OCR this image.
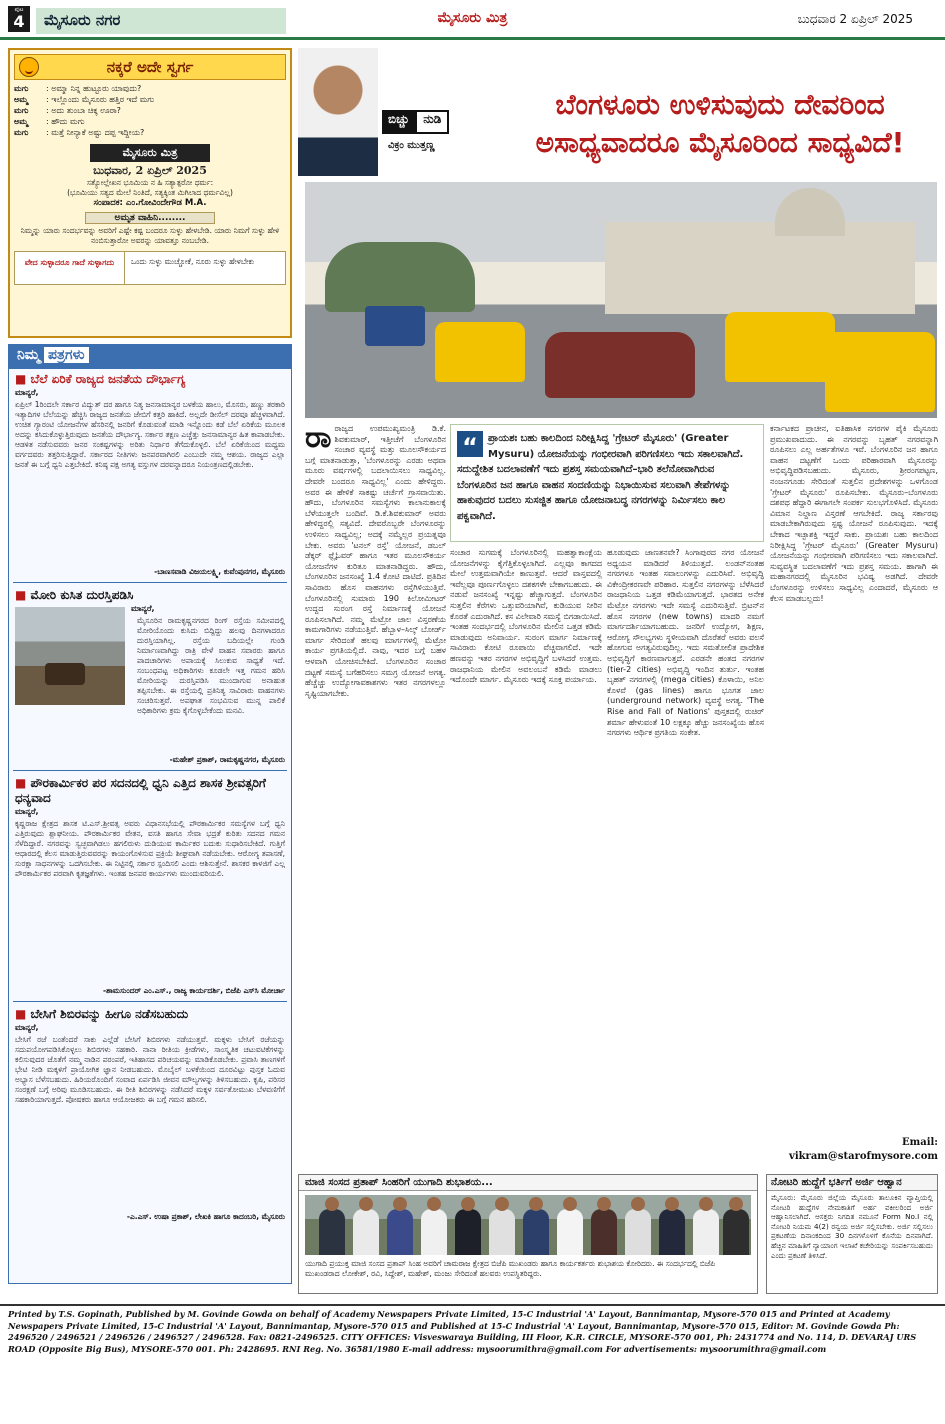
ಪುಟ
4	ಮೈಸೂರು ನಗರ	ಮೈಸೂರು ಮಿತ್ರ	ಬುಧವಾರ 2 ಏಪ್ರಿಲ್ 2025
ನಕ್ಕರೆ ಅದೇ ಸ್ವರ್ಗ
ಮಗು	: ಅಮ್ಮಾ ನಿನ್ನ ಹುಟ್ಟೂರು ಯಾವುದು?
ಅಮ್ಮ	: ಇಲ್ಲೊಂದು ಮೈಸೂರು ಹತ್ತಿರ ಇದೆ ಮಗು
ಮಗು	: ಅದು ತುಂಬಾ ಚಿಕ್ಕ ಊರಾ?
ಅಮ್ಮ	: ಹೌದು ಮಗು
ಮಗು	: ಮತ್ತೆ ನೀನ್ಯಾಕೆ ಅಷ್ಟು ದಪ್ಪ ಇದ್ದೀಯ?
ಮೈಸೂರು ಮಿತ್ರ
ಬುಧವಾರ, 2 ಏಪ್ರಿಲ್ 2025
ಸತ್ಯೋಲ್ಲೇಖನ ಭೂಮಿಯ ನ ಹಿ ಸತ್ಯಾತ್ಪರೋ ಧರ್ಮ:
(ಭೂಮಿಯು ಸತ್ಯದ ಮೇಲೆ ನಿಂತಿದೆ, ಸತ್ಯಕ್ಕಿಂತ ಮಿಗಿಲಾದ ಧರ್ಮವಿಲ್ಲ)
ಸಂಪಾದಕ: ಎಂ.ಗೋವಿಂದೇಗೌಡ M.A.
ಅಮೃತ ವಾಹಿನಿ........
ನಿಮ್ಮನ್ನು ಯಾರು ಸಂದರ್ಭವನ್ನು ಅವರಿಗೆ ಎಷ್ಟೇ ಕಷ್ಟ ಬಂದರೂ ಸುಳ್ಳು ಹೇಳಬೇಡಿ. ಯಾರು ನಿಮಗೆ ಸುಳ್ಳು ಹೇಳಿ ನಂಬಿಸುತ್ತಾರೋ ಅವರನ್ನು ಯಾವತ್ತೂ ನಂಬಬೇಡಿ.
ವೇದ ಸುಳ್ಳಾದರೂ ಗಾದೆ ಸುಳ್ಳಾಗದು	ಒಂದು ಸುಳ್ಳು ಮುಚ್ಚೋಕೆ, ನೂರು ಸುಳ್ಳು ಹೇಳಬೇಕು
ನಿಮ್ಮ ಪತ್ರಗಳು
■ ಬೆಲೆ ಏರಿಕೆ ರಾಜ್ಯದ ಜನತೆಯ ದೌರ್ಭಾಗ್ಯ
ಮಾನ್ಯರೆ,
ಏಪ್ರಿಲ್ 1ರಿಂದಲೇ ಸರ್ಕಾರ ವಿದ್ಯುತ್ ದರ ಹಾಗೂ ನಿತ್ಯ ಜನಸಾಮಾನ್ಯರ ಬಳಕೆಯ ಹಾಲು, ಮೊಸರು, ಹಣ್ಣು ತರಕಾರಿ ಇತ್ಯಾದಿಗಳ ಬೆಲೆಯನ್ನು ಹೆಚ್ಚಿಸಿ ರಾಜ್ಯದ ಜನತೆಯ ಜೇಬಿಗೆ ಕತ್ತರಿ ಹಾಕಿದೆ. ಅಲ್ಲದೇ ಡೀಸೆಲ್ ದರವೂ ಹೆಚ್ಚಳವಾಗಿದೆ. ಉಚಿತ ಗ್ಯಾರಂಟಿ ಯೋಜನೆಗಳ ಹೆಸರಿನಲ್ಲಿ ಜನರಿಗೆ ಕೊಡುವಂತೆ ಮಾಡಿ ಇನ್ನೊಂದು ಕಡೆ ಬೆಲೆ ಏರಿಕೆಯ ಮೂಲಕ ಅದನ್ನು ಕಸಿದುಕೊಳ್ಳುತ್ತಿರುವುದು ಜನತೆಯ ದೌರ್ಭಾಗ್ಯ. ಸರ್ಕಾರ ತಕ್ಷಣ ಎಚ್ಚೆತ್ತು ಜನಸಾಮಾನ್ಯರ ಹಿತ ಕಾಪಾಡಬೇಕು. ಆಡಳಿತ ನಡೆಸುವವರು ಜನರ ಸಂಕಷ್ಟಗಳನ್ನು ಅರಿತು ನಿರ್ಧಾರ ತೆಗೆದುಕೊಳ್ಳಲಿ. ಬೆಲೆ ಏರಿಕೆಯಿಂದ ಮಧ್ಯಮ ವರ್ಗದವರು ತತ್ತರಿಸುತ್ತಿದ್ದಾರೆ. ಸರ್ಕಾರದ ನೀತಿಗಳು ಜನಪರವಾಗಿರಲಿ ಎಂಬುದೇ ನಮ್ಮ ಆಶಯ. ರಾಜ್ಯದ ಎಲ್ಲಾ ಜನತೆ ಈ ಬಗ್ಗೆ ಧ್ವನಿ ಎತ್ತಬೇಕಿದೆ. ಕನಿಷ್ಠ ಪಕ್ಷ ಅಗತ್ಯ ವಸ್ತುಗಳ ದರವನ್ನಾದರೂ ನಿಯಂತ್ರಣದಲ್ಲಿಡಬೇಕು.
-ಬಾಣಸವಾಡಿ ವಿಜಯಲಕ್ಷ್ಮಿ, ಕುವೆಂಪುನಗರ, ಮೈಸೂರು
■ ಮೋರಿ ಕುಸಿತ ದುರಸ್ತಿಪಡಿಸಿ
ಮಾನ್ಯರೆ,
ಮೈಸೂರಿನ ರಾಮಕೃಷ್ಣನಗರದ ರಿಂಗ್ ರಸ್ತೆಯ ಸಮೀಪದಲ್ಲಿ ಮೋರಿಯೊಂದು ಕುಸಿದು ಬಿದ್ದಿದ್ದು ಹಲವು ದಿನಗಳಾದರೂ ದುರಸ್ತಿಯಾಗಿಲ್ಲ. ರಸ್ತೆಯ ಬದಿಯಲ್ಲೇ ಗುಂಡಿ ನಿರ್ಮಾಣವಾಗಿದ್ದು ರಾತ್ರಿ ವೇಳೆ ವಾಹನ ಸವಾರರು ಹಾಗೂ ಪಾದಚಾರಿಗಳು ಅಪಾಯಕ್ಕೆ ಸಿಲುಕುವ ಸಾಧ್ಯತೆ ಇದೆ. ಸಂಬಂಧಪಟ್ಟ ಅಧಿಕಾರಿಗಳು ಕೂಡಲೇ ಇತ್ತ ಗಮನ ಹರಿಸಿ ಮೋರಿಯನ್ನು ದುರಸ್ತಿಪಡಿಸಿ ಮುಂದಾಗುವ ಅನಾಹುತ ತಪ್ಪಿಸಬೇಕು. ಈ ರಸ್ತೆಯಲ್ಲಿ ಪ್ರತಿನಿತ್ಯ ಸಾವಿರಾರು ವಾಹನಗಳು ಸಂಚರಿಸುತ್ತವೆ. ಅಪಘಾತ ಸಂಭವಿಸುವ ಮುನ್ನ ಪಾಲಿಕೆ ಅಧಿಕಾರಿಗಳು ಕ್ರಮ ಕೈಗೊಳ್ಳಬೇಕೆಂದು ಮನವಿ.
-ಮಹೇಶ್ ಪ್ರಕಾಶ್, ರಾಮಕೃಷ್ಣನಗರ, ಮೈಸೂರು
■ ಪೌರಕಾರ್ಮಿಕರ ಪರ ಸದನದಲ್ಲಿ ಧ್ವನಿ ಎತ್ತಿದ ಶಾಸಕ ಶ್ರೀವತ್ಸರಿಗೆ ಧನ್ಯವಾದ
ಮಾನ್ಯರೆ,
ಕೃಷ್ಣರಾಜ ಕ್ಷೇತ್ರದ ಶಾಸಕ ಟಿ.ಎಸ್.ಶ್ರೀವತ್ಸ ಅವರು ವಿಧಾನಸಭೆಯಲ್ಲಿ ಪೌರಕಾರ್ಮಿಕರ ಸಮಸ್ಯೆಗಳ ಬಗ್ಗೆ ಧ್ವನಿ ಎತ್ತಿರುವುದು ಶ್ಲಾಘನೀಯ. ಪೌರಕಾರ್ಮಿಕರ ವೇತನ, ವಸತಿ ಹಾಗೂ ಸೇವಾ ಭದ್ರತೆ ಕುರಿತು ಸದನದ ಗಮನ ಸೆಳೆದಿದ್ದಾರೆ. ನಗರವನ್ನು ಸ್ವಚ್ಛವಾಗಿಡಲು ಹಗಲಿರುಳು ದುಡಿಯುವ ಕಾರ್ಮಿಕರ ಬದುಕು ಸುಧಾರಿಸಬೇಕಿದೆ. ಗುತ್ತಿಗೆ ಆಧಾರದಲ್ಲಿ ಕೆಲಸ ಮಾಡುತ್ತಿರುವವರನ್ನು ಕಾಯಂಗೊಳಿಸುವ ಪ್ರಕ್ರಿಯೆ ಶೀಘ್ರವಾಗಿ ನಡೆಯಬೇಕು. ಆರೋಗ್ಯ ತಪಾಸಣೆ, ಸುರಕ್ಷಾ ಸಾಧನಗಳನ್ನು ಒದಗಿಸಬೇಕು. ಈ ನಿಟ್ಟಿನಲ್ಲಿ ಸರ್ಕಾರ ಸ್ಪಂದಿಸಲಿ ಎಂದು ಆಶಿಸುತ್ತೇನೆ. ಶಾಸಕರ ಕಾಳಜಿಗೆ ಎಲ್ಲ ಪೌರಕಾರ್ಮಿಕರ ಪರವಾಗಿ ಕೃತಜ್ಞತೆಗಳು. ಇಂತಹ ಜನಪರ ಕಾರ್ಯಗಳು ಮುಂದುವರಿಯಲಿ.
-ಶಾಮಸುಂದರ್ ಎಂ.ಎಸ್., ರಾಜ್ಯ ಕಾರ್ಯದರ್ಶಿ, ಬಿಜೆಪಿ ಎಸ್‌ಸಿ ಮೋರ್ಚಾ
■ ಬೇಸಿಗೆ ಶಿಬಿರವನ್ನು ಹೀಗೂ ನಡೆಸಬಹುದು
ಮಾನ್ಯರೆ,
ಬೇಸಿಗೆ ರಜೆ ಬಂತೆಂದರೆ ಸಾಕು ಎಲ್ಲೆಡೆ ಬೇಸಿಗೆ ಶಿಬಿರಗಳು ನಡೆಯುತ್ತವೆ. ಮಕ್ಕಳು ಬೇಸಿಗೆ ರಜೆಯನ್ನು ಸದುಪಯೋಗಪಡಿಸಿಕೊಳ್ಳಲು ಶಿಬಿರಗಳು ಸಹಕಾರಿ. ನಾನಾ ರೀತಿಯ ಕ್ರೀಡೆಗಳು, ಸಾಂಸ್ಕೃತಿಕ ಚಟುವಟಿಕೆಗಳನ್ನು ಕಲಿಸುವುದರ ಜೊತೆಗೆ ನಮ್ಮ ನಾಡಿನ ಪರಂಪರೆ, ಇತಿಹಾಸದ ಪರಿಚಯವನ್ನು ಮಾಡಿಕೊಡಬೇಕು. ಪ್ರವಾಸಿ ತಾಣಗಳಿಗೆ ಭೇಟಿ ನೀಡಿ ಮಕ್ಕಳಿಗೆ ಪ್ರಾಯೋಗಿಕ ಜ್ಞಾನ ನೀಡಬಹುದು. ಮೊಬೈಲ್ ಬಳಕೆಯಿಂದ ದೂರವಿಟ್ಟು ಪುಸ್ತಕ ಓದುವ ಅಭ್ಯಾಸ ಬೆಳೆಸಬಹುದು. ಹಿರಿಯರೊಂದಿಗೆ ಸಂವಾದ ಏರ್ಪಡಿಸಿ ಜೀವನ ಮೌಲ್ಯಗಳನ್ನು ತಿಳಿಸಬಹುದು. ಕೃಷಿ, ಪರಿಸರ ಸಂರಕ್ಷಣೆ ಬಗ್ಗೆ ಅರಿವು ಮೂಡಿಸಬಹುದು. ಈ ರೀತಿ ಶಿಬಿರಗಳನ್ನು ನಡೆಸಿದರೆ ಮಕ್ಕಳ ಸರ್ವತೋಮುಖ ಬೆಳವಣಿಗೆಗೆ ಸಹಕಾರಿಯಾಗುತ್ತದೆ. ಪೋಷಕರು ಹಾಗೂ ಆಯೋಜಕರು ಈ ಬಗ್ಗೆ ಗಮನ ಹರಿಸಲಿ.
-ಎ.ಎಸ್. ಉಷಾ ಪ್ರಕಾಶ್, ಲೇಖಕಿ ಹಾಗೂ ಕಾದಂಬರಿ, ಮೈಸೂರು
ಬಿಚ್ಚು	ನುಡಿ
ವಿಕ್ರಂ ಮುತ್ತಣ್ಣ
ಬೆಂಗಳೂರು ಉಳಿಸುವುದು ದೇವರಿಂದ ಅಸಾಧ್ಯವಾದರೂ ಮೈಸೂರಿಂದ ಸಾಧ್ಯವಿದೆ!
ರಾರಾಜ್ಯದ ಉಪಮುಖ್ಯಮಂತ್ರಿ ಡಿ.ಕೆ. ಶಿವಕುಮಾರ್, ಇತ್ತೀಚೆಗೆ ಬೆಂಗಳೂರಿನ ಸಂಚಾರ ವ್ಯವಸ್ಥೆ ಮತ್ತು ಮೂಲಸೌಕರ್ಯದ ಬಗ್ಗೆ ಮಾತನಾಡುತ್ತಾ, 'ಬೆಂಗಳೂರನ್ನು ಎರಡು ಅಥವಾ ಮೂರು ವರ್ಷಗಳಲ್ಲಿ ಬದಲಾಯಿಸಲು ಸಾಧ್ಯವಿಲ್ಲ. ದೇವರೇ ಬಂದರೂ ಸಾಧ್ಯವಿಲ್ಲ' ಎಂದು ಹೇಳಿದ್ದರು. ಅವರ ಈ ಹೇಳಿಕೆ ಸಾಕಷ್ಟು ಚರ್ಚೆಗೆ ಗ್ರಾಸವಾಯಿತು. ಹೌದು, ಬೆಂಗಳೂರಿನ ಸಮಸ್ಯೆಗಳು ಕಾಲಾನುಕಾಲಕ್ಕೆ ಬೆಳೆಯುತ್ತಲೇ ಬಂದಿವೆ. ಡಿ.ಕೆ.ಶಿವಕುಮಾರ್ ಅವರು ಹೇಳಿದ್ದರಲ್ಲಿ ಸತ್ಯವಿದೆ. ದೇವರೊಬ್ಬರೇ ಬೆಂಗಳೂರನ್ನು ಉಳಿಸಲು ಸಾಧ್ಯವಿಲ್ಲ; ಅದಕ್ಕೆ ನಮ್ಮೆಲ್ಲರ ಪ್ರಯತ್ನವೂ ಬೇಕು. ಅವರು 'ಟನಲ್ ರಸ್ತೆ' ಯೋಜನೆ, ಡಬಲ್ ಡೆಕ್ಕರ್ ಫ್ಲೈಓವರ್ ಹಾಗೂ ಇತರ ಮೂಲಸೌಕರ್ಯ ಯೋಜನೆಗಳ ಕುರಿತೂ ಮಾತನಾಡಿದ್ದರು. ಹೌದು, ಬೆಂಗಳೂರಿನ ಜನಸಂಖ್ಯೆ 1.4 ಕೋಟಿ ದಾಟಿದೆ. ಪ್ರತಿದಿನ ಸಾವಿರಾರು ಹೊಸ ವಾಹನಗಳು ರಸ್ತೆಗಿಳಿಯುತ್ತಿವೆ. ಬೆಂಗಳೂರಿನಲ್ಲಿ ಸುಮಾರು 190 ಕಿಲೋಮೀಟರ್ ಉದ್ದದ ಸುರಂಗ ರಸ್ತೆ ನಿರ್ಮಾಣಕ್ಕೆ ಯೋಜನೆ ರೂಪಿಸಲಾಗಿದೆ. ನಮ್ಮ ಮೆಟ್ರೋ ಜಾಲ ವಿಸ್ತರಣೆಯ ಕಾಮಗಾರಿಗಳು ನಡೆಯುತ್ತಿವೆ. ಹೆಬ್ಬಾಳ–ಸಿಲ್ಕ್ ಬೋರ್ಡ್ ಮಾರ್ಗ ಸೇರಿದಂತೆ ಹಲವು ಮಾರ್ಗಗಳಲ್ಲಿ ಮೆಟ್ರೋ ಕಾರ್ಯ ಪ್ರಗತಿಯಲ್ಲಿದೆ. ನಾವು, ಇದರ ಬಗ್ಗೆ ಬಹಳ ಆಳವಾಗಿ ಯೋಚಿಸಬೇಕಿದೆ. ಬೆಂಗಳೂರಿನ ಸಂಚಾರ ದಟ್ಟಣೆ ಸಮಸ್ಯೆ ಬಗೆಹರಿಸಲು ಸಮಗ್ರ ಯೋಜನೆ ಅಗತ್ಯ. ಹೆಚ್ಚೆಚ್ಚು ಉದ್ಯೋಗಾವಕಾಶಗಳು ಇತರ ನಗರಗಳಲ್ಲೂ ಸೃಷ್ಟಿಯಾಗಬೇಕು.
“	ಪ್ರಾಯಶಃ ಬಹು ಕಾಲದಿಂದ ನಿರೀಕ್ಷಿಸಿದ್ದ 'ಗ್ರೇಟರ್ ಮೈಸೂರು' (Greater Mysuru) ಯೋಜನೆಯನ್ನು ಗಂಭೀರವಾಗಿ ಪರಿಗಣಿಸಲು ಇದು ಸಕಾಲವಾಗಿದೆ. ಸದುದ್ದೇಶಿತ ಬದಲಾವಣೆಗೆ ಇದು ಪ್ರಶಸ್ತ ಸಮಯವಾಗಿದೆ–ಭಾರಿ ತಲೆನೋವಾಗಿರುವ ಬೆಂಗಳೂರಿನ ಜನ ಹಾಗೂ ವಾಹನ ಸಂದಣಿಯನ್ನು ನಿಭಾಯಿಸುವ ಸಲುವಾಗಿ ತೇಪೆಗಳನ್ನು ಹಾಕುವುದರ ಬದಲು ಸುಸಜ್ಜಿತ ಹಾಗೂ ಯೋಜನಾಬದ್ಧ ನಗರಗಳನ್ನು ನಿರ್ಮಿಸಲು ಕಾಲ ಪಕ್ವವಾಗಿದೆ.

ಸಂಚಾರ ಸುಗಮಕ್ಕೆ ಬೆಂಗಳೂರಿನಲ್ಲಿ ಮಹತ್ವಾಕಾಂಕ್ಷೆಯ ಯೋಜನೆಗಳನ್ನು ಕೈಗೆತ್ತಿಕೊಳ್ಳಲಾಗಿದೆ. ಎಲ್ಲವೂ ಕಾಗದದ ಮೇಲೆ ಉತ್ತಮವಾಗಿಯೇ ಕಾಣುತ್ತವೆ. ಆದರೆ ವಾಸ್ತವದಲ್ಲಿ ಇವೆಲ್ಲವೂ ಪೂರ್ಣಗೊಳ್ಳಲು ದಶಕಗಳೇ ಬೇಕಾಗಬಹುದು. ಈ ನಡುವೆ ಜನಸಂಖ್ಯೆ ಇನ್ನಷ್ಟು ಹೆಚ್ಚಾಗುತ್ತದೆ. ಬೆಂಗಳೂರಿನ ಸುತ್ತಲಿನ ಕೆರೆಗಳು ಒತ್ತುವರಿಯಾಗಿವೆ, ಕುಡಿಯುವ ನೀರಿನ ಕೊರತೆ ಎದುರಾಗಿದೆ. ಕಸ ವಿಲೇವಾರಿ ಸಮಸ್ಯೆ ಬಿಗಡಾಯಿಸಿದೆ. ಇಂತಹ ಸಂದರ್ಭದಲ್ಲಿ ಬೆಂಗಳೂರಿನ ಮೇಲಿನ ಒತ್ತಡ ಕಡಿಮೆ ಮಾಡುವುದು ಅನಿವಾರ್ಯ. ಸುರಂಗ ಮಾರ್ಗ ನಿರ್ಮಾಣಕ್ಕೆ ಸಾವಿರಾರು ಕೋಟಿ ರೂಪಾಯಿ ವೆಚ್ಚವಾಗಲಿದೆ. ಇದೇ ಹಣವನ್ನು ಇತರ ನಗರಗಳ ಅಭಿವೃದ್ಧಿಗೆ ಬಳಸಿದರೆ ಉತ್ತಮ. ರಾಜಧಾನಿಯ ಮೇಲಿನ ಅವಲಂಬನೆ ಕಡಿಮೆ ಮಾಡಲು ಇದೊಂದೇ ಮಾರ್ಗ. ಮೈಸೂರು ಇದಕ್ಕೆ ಸೂಕ್ತ ಪರ್ಯಾಯ.
ಹೂಡುವುದು ಜಾಣತನವೇ? ಸಿಂಗಾಪುರದ ನಗರ ಯೋಜನೆ ಅಧ್ಯಯನ ಮಾಡಿದರೆ ತಿಳಿಯುತ್ತದೆ. ಲಂಡನ್‌ನಂತಹ ನಗರಗಳೂ ಇಂತಹ ಸವಾಲುಗಳನ್ನು ಎದುರಿಸಿವೆ. ಅಭಿವೃದ್ಧಿ ವಿಕೇಂದ್ರೀಕರಣವೇ ಪರಿಹಾರ. ಸುತ್ತಲಿನ ನಗರಗಳನ್ನು ಬೆಳೆಸಿದರೆ ರಾಜಧಾನಿಯ ಒತ್ತಡ ಕಡಿಮೆಯಾಗುತ್ತದೆ. ಭಾರತದ ಅನೇಕ ಮೆಟ್ರೋ ನಗರಗಳು ಇದೇ ಸಮಸ್ಯೆ ಎದುರಿಸುತ್ತಿವೆ. ಬ್ರಿಟನ್‌ನ ಹೊಸ ನಗರಗಳ (new towns) ಮಾದರಿ ನಮಗೆ ಮಾರ್ಗದರ್ಶಿಯಾಗಬಹುದು. ಜನರಿಗೆ ಉದ್ಯೋಗ, ಶಿಕ್ಷಣ, ಆರೋಗ್ಯ ಸೌಲಭ್ಯಗಳು ಸ್ಥಳೀಯವಾಗಿ ದೊರೆತರೆ ಅವರು ವಲಸೆ ಹೋಗುವ ಅಗತ್ಯವಿರುವುದಿಲ್ಲ. ಇದು ಸಮತೋಲಿತ ಪ್ರಾದೇಶಿಕ ಅಭಿವೃದ್ಧಿಗೆ ಕಾರಣವಾಗುತ್ತದೆ. ಎರಡನೇ ಹಂತದ ನಗರಗಳ (tier-2 cities) ಅಭಿವೃದ್ಧಿ ಇಂದಿನ ತುರ್ತು. ಇಂತಹ ಬೃಹತ್ ನಗರಗಳಲ್ಲಿ (mega cities) ಕೊಳಾಯಿ, ಅನಿಲ ಕೊಳವೆ (gas lines) ಹಾಗೂ ಭೂಗತ ಜಾಲ (underground network) ವ್ಯವಸ್ಥೆ ಅಗತ್ಯ. 'The Rise and Fall of Nations' ಪುಸ್ತಕದಲ್ಲಿ ರುಚಿರ್ ಶರ್ಮಾ ಹೇಳುವಂತೆ 10 ಲಕ್ಷಕ್ಕೂ ಹೆಚ್ಚು ಜನಸಂಖ್ಯೆಯ ಹೊಸ ನಗರಗಳು ಆರ್ಥಿಕ ಪ್ರಗತಿಯ ಸಂಕೇತ.
ಕರ್ನಾಟಕದ ಪ್ರಾಚೀನ, ಐತಿಹಾಸಿಕ ನಗರಗಳ ಪೈಕಿ ಮೈಸೂರು ಪ್ರಮುಖವಾದುದು. ಈ ನಗರವನ್ನು ಬೃಹತ್ ನಗರವನ್ನಾಗಿ ರೂಪಿಸಲು ಎಲ್ಲ ಅರ್ಹತೆಗಳೂ ಇವೆ. ಬೆಂಗಳೂರಿನ ಜನ ಹಾಗೂ ವಾಹನ ದಟ್ಟಣೆಗೆ ಒಂದು ಪರಿಹಾರವಾಗಿ ಮೈಸೂರನ್ನು ಅಭಿವೃದ್ಧಿಪಡಿಸಬಹುದು. ಮೈಸೂರು, ಶ್ರೀರಂಗಪಟ್ಟಣ, ನಂಜನಗೂಡು ಸೇರಿದಂತೆ ಸುತ್ತಲಿನ ಪ್ರದೇಶಗಳನ್ನು ಒಳಗೊಂಡ 'ಗ್ರೇಟರ್ ಮೈಸೂರು' ರೂಪಿಸಬೇಕು. ಮೈಸೂರು–ಬೆಂಗಳೂರು ದಶಪಥ ಹೆದ್ದಾರಿ ಈಗಾಗಲೇ ಸಂಪರ್ಕ ಸುಲಭಗೊಳಿಸಿದೆ. ಮೈಸೂರು ವಿಮಾನ ನಿಲ್ದಾಣ ವಿಸ್ತರಣೆ ಆಗಬೇಕಿದೆ. ರಾಜ್ಯ ಸರ್ಕಾರವು ಮಾಡಬೇಕಾಗಿರುವುದು ಸ್ಪಷ್ಟ ಯೋಜನೆ ರೂಪಿಸುವುದು. ಇದಕ್ಕೆ ಬೇಕಾದ ಇಚ್ಛಾಶಕ್ತಿ ಇದ್ದರೆ ಸಾಕು. ಪ್ರಾಯಶಃ ಬಹು ಕಾಲದಿಂದ ನಿರೀಕ್ಷಿಸಿದ್ದ 'ಗ್ರೇಟರ್ ಮೈಸೂರು' (Greater Mysuru) ಯೋಜನೆಯನ್ನು ಗಂಭೀರವಾಗಿ ಪರಿಗಣಿಸಲು ಇದು ಸಕಾಲವಾಗಿದೆ. ಸುವ್ಯವಸ್ಥಿತ ಬದಲಾವಣೆಗೆ ಇದು ಪ್ರಶಸ್ತ ಸಮಯ. ಹಾಗಾಗಿ ಈ ಮಹಾನಗರದಲ್ಲಿ ಮೈಸೂರಿನ ಭವಿಷ್ಯ ಅಡಗಿದೆ. ದೇವರೇ ಬೆಂಗಳೂರನ್ನು ಉಳಿಸಲು ಸಾಧ್ಯವಿಲ್ಲ ಎಂದಾದರೆ, ಮೈಸೂರು ಆ ಕೆಲಸ ಮಾಡಬಲ್ಲದು!
Email:
vikram@starofmysore.com
ಮಾಜಿ ಸಂಸದ ಪ್ರತಾಪ್ ಸಿಂಹರಿಗೆ ಯುಗಾದಿ ಶುಭಾಶಯ...
ಯುಗಾದಿ ಪ್ರಯುಕ್ತ ಮಾಜಿ ಸಂಸದ ಪ್ರತಾಪ್ ಸಿಂಹ ಅವರಿಗೆ ಚಾಮರಾಜ ಕ್ಷೇತ್ರದ ಬಿಜೆಪಿ ಮುಖಂಡರು ಹಾಗೂ ಕಾರ್ಯಕರ್ತರು ಶುಭಾಶಯ ಕೋರಿದರು. ಈ ಸಂದರ್ಭದಲ್ಲಿ ಬಿಜೆಪಿ ಮುಖಂಡರಾದ ಲೋಕೇಶ್, ರವಿ, ಸಿದ್ದೇಶ್, ಮಹೇಶ್, ಮಂಜು ಸೇರಿದಂತೆ ಹಲವರು ಉಪಸ್ಥಿತರಿದ್ದರು.
ನೋಟರಿ ಹುದ್ದೆಗೆ ಭರ್ತಿಗೆ ಅರ್ಜಿ ಆಹ್ವಾನ
ಮೈಸೂರು: ಮೈಸೂರು ಜಿಲ್ಲೆಯ ಮೈಸೂರು ತಾಲೂಕಿನ ವ್ಯಾಪ್ತಿಯಲ್ಲಿ ನೋಟರಿ ಹುದ್ದೆಗಳ ನೇಮಕಾತಿಗೆ ಅರ್ಹ ವಕೀಲರಿಂದ ಅರ್ಜಿ ಆಹ್ವಾನಿಸಲಾಗಿದೆ. ಆಸಕ್ತರು ನಿಗದಿತ ನಮೂನೆ Form No.I ನಲ್ಲಿ ನೋಟರಿ ನಿಯಮ 4(2) ರನ್ವಯ ಅರ್ಜಿ ಸಲ್ಲಿಸಬೇಕು. ಅರ್ಜಿ ಸಲ್ಲಿಸಲು ಪ್ರಕಟಣೆಯ ದಿನಾಂಕದಿಂದ 30 ದಿನಗಳೊಳಗೆ ಕೊನೆಯ ದಿನವಾಗಿದೆ. ಹೆಚ್ಚಿನ ಮಾಹಿತಿಗೆ ನ್ಯಾಯಾಂಗ ಇಲಾಖೆ ಕಚೇರಿಯನ್ನು ಸಂಪರ್ಕಿಸಬಹುದು ಎಂದು ಪ್ರಕಟಣೆ ತಿಳಿಸಿದೆ.
Printed by T.S. Gopinath, Published by M. Govinde Gowda on behalf of Academy Newspapers Private Limited, 15-C Industrial 'A' Layout, Bannimantap, Mysore-570 015 and Printed at Academy Newspapers Private Limited, 15-C Industrial 'A' Layout, Bannimantap, Mysore-570 015 and Published at 15-C Industrial 'A' Layout, Bannimantap, Mysore-570 015, Editor: M. Govinde Gowda Ph: 2496520 / 2496521 / 2496526 / 2496527 / 2496528. Fax: 0821-2496525. CITY OFFICES: Visveswaraya Building, III Floor, K.R. CIRCLE, MYSORE-570 001, Ph: 2431774 and No. 114, D. DEVARAJ URS ROAD (Opposite Big Bus), MYSORE-570 001. Ph: 2428695. RNI Reg. No. 36581/1980 E-mail address: mysoorumithra@gmail.com For advertisements: mysoorumithra@gmail.com
